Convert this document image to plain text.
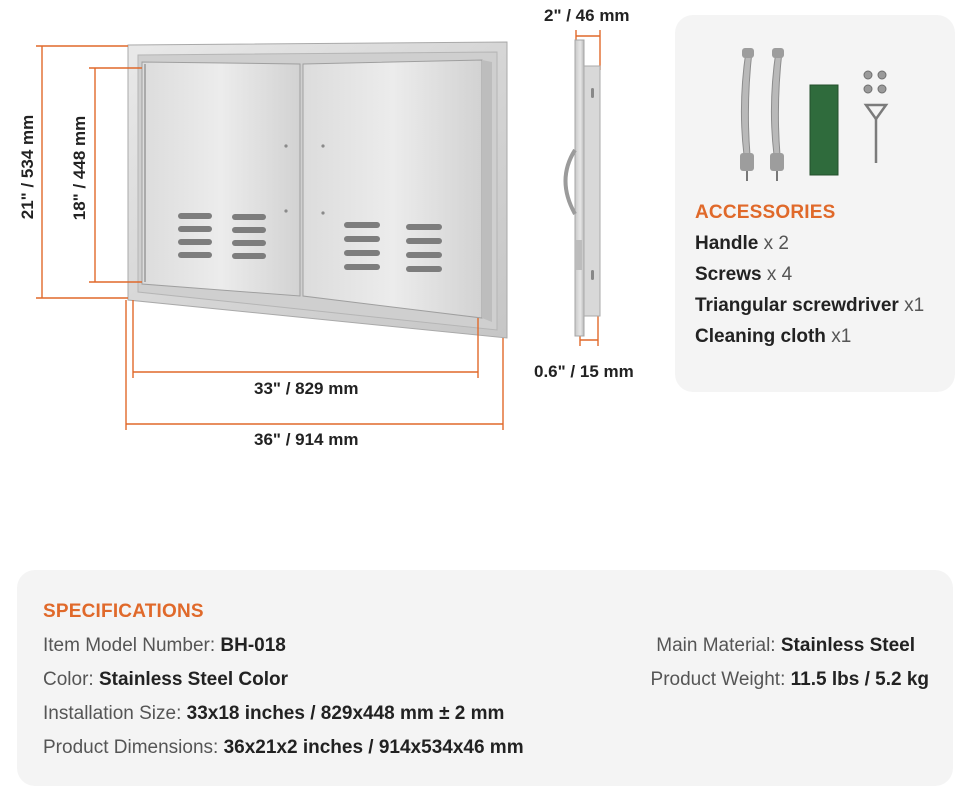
21" / 534 mm 18" / 448 mm
33" / 829 mm
36" / 914 mm
2" / 46 mm
0.6" / 15 mm
ACCESSORIES
Handle x 2
Screws x 4
Triangular screwdriver x1
Cleaning cloth x1
SPECIFICATIONS
Item Model Number: BH-018
Color: Stainless Steel Color
Installation Size: 33x18 inches / 829x448 mm ± 2 mm
Product Dimensions: 36x21x2 inches / 914x534x46 mm
Main Material: Stainless Steel
Product Weight: 11.5 lbs / 5.2 kg
